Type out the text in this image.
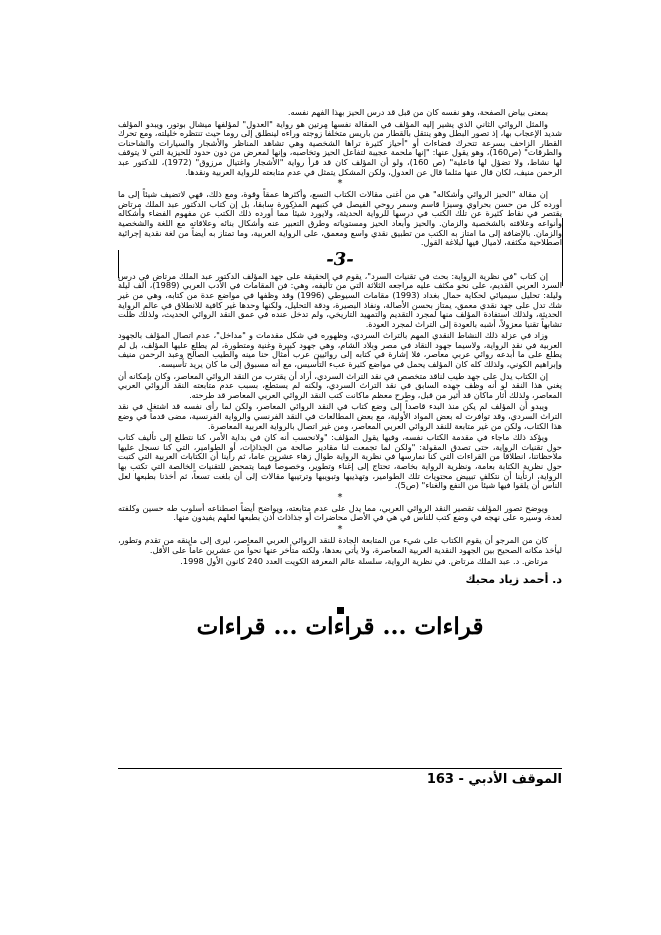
بمعنى بياض الصفحة، وهو نفسه كان من قبل قد درس الحيز بهذا الفهم نفسه.

والمثل الروائي الثاني الذي يشير إليه المؤلف في المقالة نفسها مرتين هو رواية "العدول" لمؤلفها ميشال بوتور، ويبدو المؤلف شديد الإعجاب بها، إذ تصور البطل وهو ينتقل بالقطار من باريس متخلفاً زوجته وراءه لينطلق إلى روما حيث تنتظره خليلته، ومع تحرك القطار الزاحف بسرعة تتحرك فضاءات أو "أحياز كثيرة تراها الشخصية وهي تشاهد المناظر والأشجار والسيارات والشاحنات والطرقات" (ص160)، وهو يقول عنها: "إنها ملحمة عجيبة لتفاعل الحيز وتخاصبه، وإنها لمعرض من دون حدود للحيزية التي لا يتوقف لها نشاط، ولا تضؤل لها فاعلية" (ص 160)، ولو أن المؤلف كان قد قرأ رواية "الأشجار واغتيال مرزوق" (1972)، للدكتور عبد الرحمن منيف، لكان قال عنها مثلما قال عن العدول، ولكن المشكل يتمثل في عدم متابعته للرواية العربية ونقدها.

*

إن مقالة "الحيز الروائي وأشكاله" هي من أغنى مقالات الكتاب التسع، وأكثرها عمقاً وقوة، ومع ذلك، فهي لاتضيف شيئاً إلى ما أورده كل من حسن بحراوي وسيزا قاسم وسمر روحي الفيصل في كتبهم المذكورة سابقاً، بل إن كتاب الدكتور عبد الملك مرتاض يقتصر في نقاط كثيرة عن تلك الكتب في درسها للرواية الحديثة، ولايورد شيئاً مما أورده ذلك الكتب عن مفهوم الفضاء وأشكاله وأنواعه وعلاقته بالشخصية والزمان. والحيز وأبعاد الحيز ومستوياته وطرق التعبير عنه وأشكال بنائه وعلاقاته مع اللغة والشخصية والزمان. بالإضافة إلى ما امتاز به الكتب من تطبيق نقدي واسع ومعمق، على الرواية العربية، وما تمتاز به أيضاً من لغة نقدية إجرائية اصطلاحية مكثفة، لاميال فيها لبلاغة القول.

-3-

إن كتاب "في نظرية الرواية: بحث في تقنيات السرد"، يقوم في الحقيقة على جهد المؤلف الدكتور عبد الملك مرتاض في درس السرد العربي القديم، على نحو مكثف عليه مراجعه الثلاثة التي من تأليفه، وهي: فن المقامات في الأدب العربي (1989)، ألف ليلة وليلة: تحليل سيميائي لحكاية حمال بغداد (1993) مقامات السيوطي (1996) وقد وظفها في مواضع عدة من كتابه، وهي من غير شك تدل على جهد نقدي معمق، يمتاز بحسن الأصالة، ونفاذ البصيرة، ودقة التحليل، ولكنها وحدها غير كافية للانطلاق في عالم الرواية الحديثة، ولذلك استفادة المؤلف منها لمجرد التقديم والتمهيد التاريخي، ولم تدخل عنده في عمق النقد الروائي الحديث، ولذلك ظلت تشابهاً تقنيا معزولاً، أشبه بالعودة إلى التراث لمجرد العودة.

وزاد في عزلة ذلك النشاط النقدي المهم بالتراث السردي، وظهوره في شكل مقدمات و "مداخل"، عدم اتصال المؤلف بالجهود العربية في نقد الرواية، ولاسيما جهود النقاد في مصر وبلاد الشام، وهي جهود كبيرة وغنية ومتطورة، لم يطلع عليها المؤلف، بل لم يطلع على ما أبدعه روائي عربي معاصر، فلا إشارة في كتابه إلى روائيين عرب أمثال حنا مينه والطيب الصالح وعبد الرحمن منيف وإبراهيم الكوني، ولذلك كله كان المؤلف يحمل في مواضع كثيرة عبء التأسيس، مع أنه مسبوق إلى ما كان يريد تأسيسه.

إن الكتاب يدل على جهد طيب لناقد متخصص في نقد التراث السردي، أراد أن يقترب من النقد الروائي المعاصر، وكان بإمكانه أن يغني هذا النقد لو أنه وظف جهده السابق في نقد التراث السردي، ولكنه لم يستطع، بسبب عدم متابعته النقد الروائي العربي المعاصر، ولذلك أثار ماكان قد أثير من قبل، وطرح معظم ماكانت كتب النقد الروائي العربي المعاصر قد طرحته.

ويبدو أن المؤلف لم يكن منذ البدء قاصداً إلى وضع كتاب في النقد الروائي المعاصر، ولكن لما رأى نفسه قد اشتغل في نقد التراث السردي، وقد توافرت له بعض المواد الأولية، مع بعض المطالعات في النقد الفرنسي والرواية الفرنسية، مضى قدماً في وضع هذا الكتاب، ولكن من غير متابعة للنقد الروائي العربي المعاصر، ومن غير اتصال بالرواية العربية المعاصرة.

ويؤكد ذلك ماجاء في مقدمة الكتاب نفسه، وفيها يقول المؤلف: "ولانحسب أنه كان في بداية الأمر، كنا نتطلع إلى تأليف كتاب حول تقنيات الرواية، حتى تصدق المقولة: "ولكن لما تجمعت لنا مقادير صالحة من الجذاذات، أو الطوامير، التي كنا نسجل عليها ملاحظاتنا، انطلاقاً من القراءات التي كنا نمارسها في نظرية الرواية طوال زهاء عشرين عاماً، ثم رأينا أن الكتابات العربية التي كتبت حول نظرية الكتابة بعامة، ونظرية الرواية بخاصة، تحتاج إلى إغناء وتطوير، وخصوصاً فيما يتمحض للتقنيات الخالصة التي تكتب بها الرواية، ارتأينا أن نتكلف تبييض محتويات تلك الطوامير، وتهذيبها وتبويبها وترتيبها مقالات إلى أن بلغت تسعاً، ثم أخذنا بطبعها لعل الناس أن يلقوا فيها شيئاً من النفع والغناء" (ص5).

*

ويوضح تصور المؤلف تقصير النقد الروائي العربي، مما يدل على عدم متابعته، ويواضح أيضاً اصطناعه أسلوب طه حسين وكلفته لعدة، وسيره على نهجه في وضع كتب للناس في هي في الأصل محاضرات أو جذاذات أذن بطبعها لعلهم يفيدون منها.

*

كان من المرجو أن يقوم الكتاب على شيء من المتابعة الجادة للنقد الروائي العربي المعاصر، ليرى إلى ماينقه من تقدم وتطور، ليأخذ مكانه الصحيح بين الجهود النقدية العربية المعاصرة، ولا يأتي بعدها، ولكنه متأخر عنها نحواً من عشرين عاماً على الأقل.

مرتاض. د. عبد الملك مرتاض. في نظرية الرواية، سلسلة عالم المعرفة الكويت العدد 240 كانون الأول 1998.

د. أحمد زياد محبك
قراءات ... قراءات ... قراءات
الموقف الأدبي - 163
